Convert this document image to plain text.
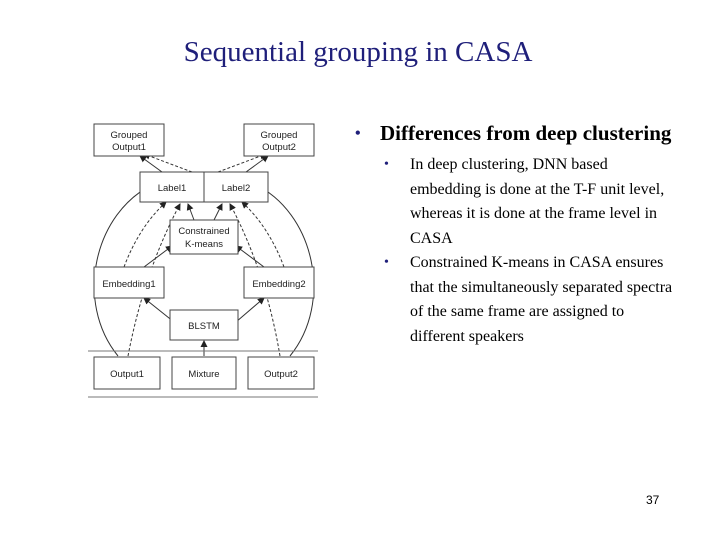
Sequential grouping in CASA
Grouped
Output1
Grouped
Output2
Label1	Label2
Constrained
K-means
Embedding1	Embedding2
BLSTM
Output1	Mixture	Output2
• Differences from deep clustering
• In deep clustering, DNN based embedding is done at the T-F unit level, whereas it is done at the frame level in CASA
• Constrained K-means in CASA ensures that the simultaneously separated spectra of the same frame are assigned to different speakers
37
